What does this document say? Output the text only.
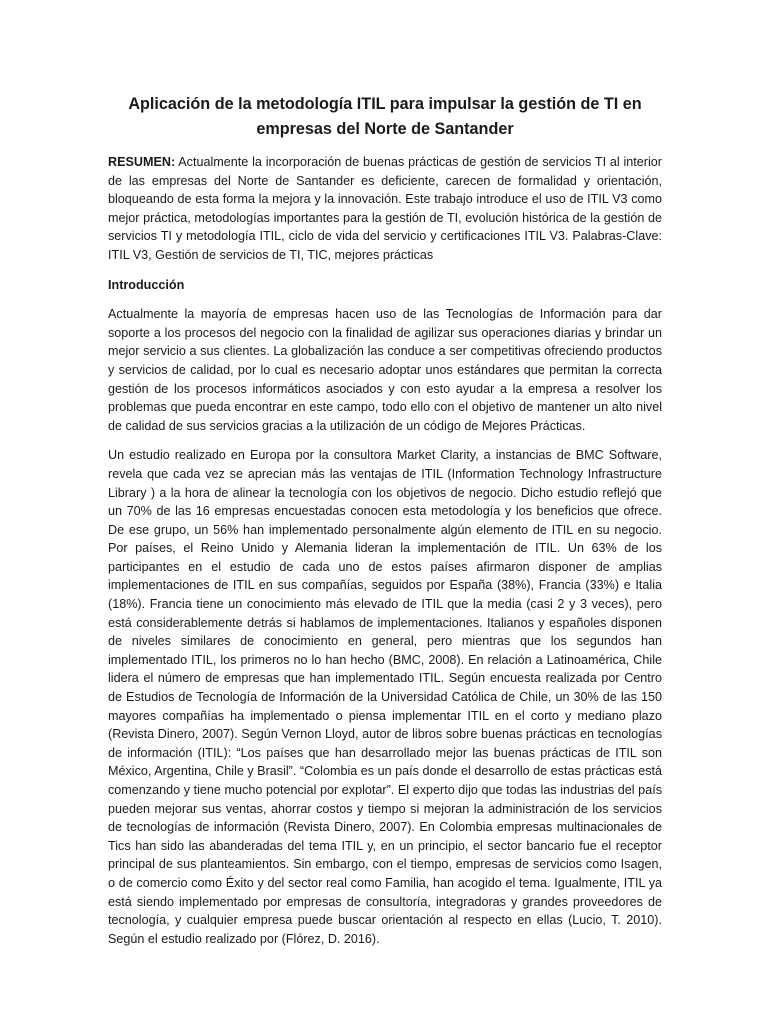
Aplicación de la metodología ITIL para impulsar la gestión de TI en empresas del Norte de Santander

RESUMEN: Actualmente la incorporación de buenas prácticas de gestión de servicios TI al interior de las empresas del Norte de Santander es deficiente, carecen de formalidad y orientación, bloqueando de esta forma la mejora y la innovación. Este trabajo introduce el uso de ITIL V3 como mejor práctica, metodologías importantes para la gestión de TI, evolución histórica de la gestión de servicios TI y metodología ITIL, ciclo de vida del servicio y certificaciones ITIL V3. Palabras-Clave: ITIL V3, Gestión de servicios de TI, TIC, mejores prácticas

Introducción

Actualmente la mayoría de empresas hacen uso de las Tecnologías de Información para dar soporte a los procesos del negocio con la finalidad de agilizar sus operaciones diarias y brindar un mejor servicio a sus clientes. La globalización las conduce a ser competitivas ofreciendo productos y servicios de calidad, por lo cual es necesario adoptar unos estándares que permitan la correcta gestión de los procesos informáticos asociados y con esto ayudar a la empresa a resolver los problemas que pueda encontrar en este campo, todo ello con el objetivo de mantener un alto nivel de calidad de sus servicios gracias a la utilización de un código de Mejores Prácticas.

Un estudio realizado en Europa por la consultora Market Clarity, a instancias de BMC Software, revela que cada vez se aprecian más las ventajas de ITIL (Information Technology Infrastructure Library ) a la hora de alinear la tecnología con los objetivos de negocio. Dicho estudio reflejó que un 70% de las 16 empresas encuestadas conocen esta metodología y los beneficios que ofrece. De ese grupo, un 56% han implementado personalmente algún elemento de ITIL en su negocio. Por países, el Reino Unido y Alemania lideran la implementación de ITIL. Un 63% de los participantes en el estudio de cada uno de estos países afirmaron disponer de amplias implementaciones de ITIL en sus compañías, seguidos por España (38%), Francia (33%) e Italia (18%). Francia tiene un conocimiento más elevado de ITIL que la media (casi 2 y 3 veces), pero está considerablemente detrás si hablamos de implementaciones. Italianos y españoles disponen de niveles similares de conocimiento en general, pero mientras que los segundos han implementado ITIL, los primeros no lo han hecho (BMC, 2008). En relación a Latinoamérica, Chile lidera el número de empresas que han implementado ITIL. Según encuesta realizada por Centro de Estudios de Tecnología de Información de la Universidad Católica de Chile, un 30% de las 150 mayores compañías ha implementado o piensa implementar ITIL en el corto y mediano plazo (Revista Dinero, 2007). Según Vernon Lloyd, autor de libros sobre buenas prácticas en tecnologías de información (ITIL): “Los países que han desarrollado mejor las buenas prácticas de ITIL son México, Argentina, Chile y Brasil”. “Colombia es un país donde el desarrollo de estas prácticas está comenzando y tiene mucho potencial por explotar”. El experto dijo que todas las industrias del país pueden mejorar sus ventas, ahorrar costos y tiempo si mejoran la administración de los servicios de tecnologías de información (Revista Dinero, 2007). En Colombia empresas multinacionales de Tics han sido las abanderadas del tema ITIL y, en un principio, el sector bancario fue el receptor principal de sus planteamientos. Sin embargo, con el tiempo, empresas de servicios como Isagen, o de comercio como Éxito y del sector real como Familia, han acogido el tema. Igualmente, ITIL ya está siendo implementado por empresas de consultoría, integradoras y grandes proveedores de tecnología, y cualquier empresa puede buscar orientación al respecto en ellas (Lucio, T. 2010). Según el estudio realizado por (Flórez, D. 2016).
